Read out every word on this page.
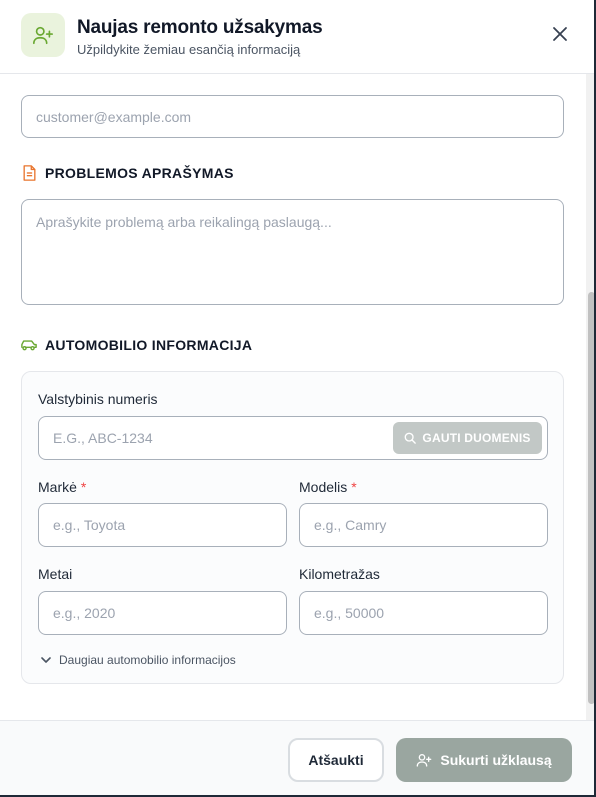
Naujas remonto užsakymas
Užpildykite žemiau esančią informaciją
customer@example.com
PROBLEMOS APRAŠYMAS
Aprašykite problemą arba reikalingą paslaugą...
AUTOMOBILIO INFORMACIJA
Valstybinis numeris
E.G., ABC-1234	GAUTI DUOMENIS
Markė *
e.g., Toyota
Modelis *
e.g., Camry
Metai
e.g., 2020
Kilometražas
e.g., 50000
Daugiau automobilio informacijos
Atšaukti	Sukurti užklausą
